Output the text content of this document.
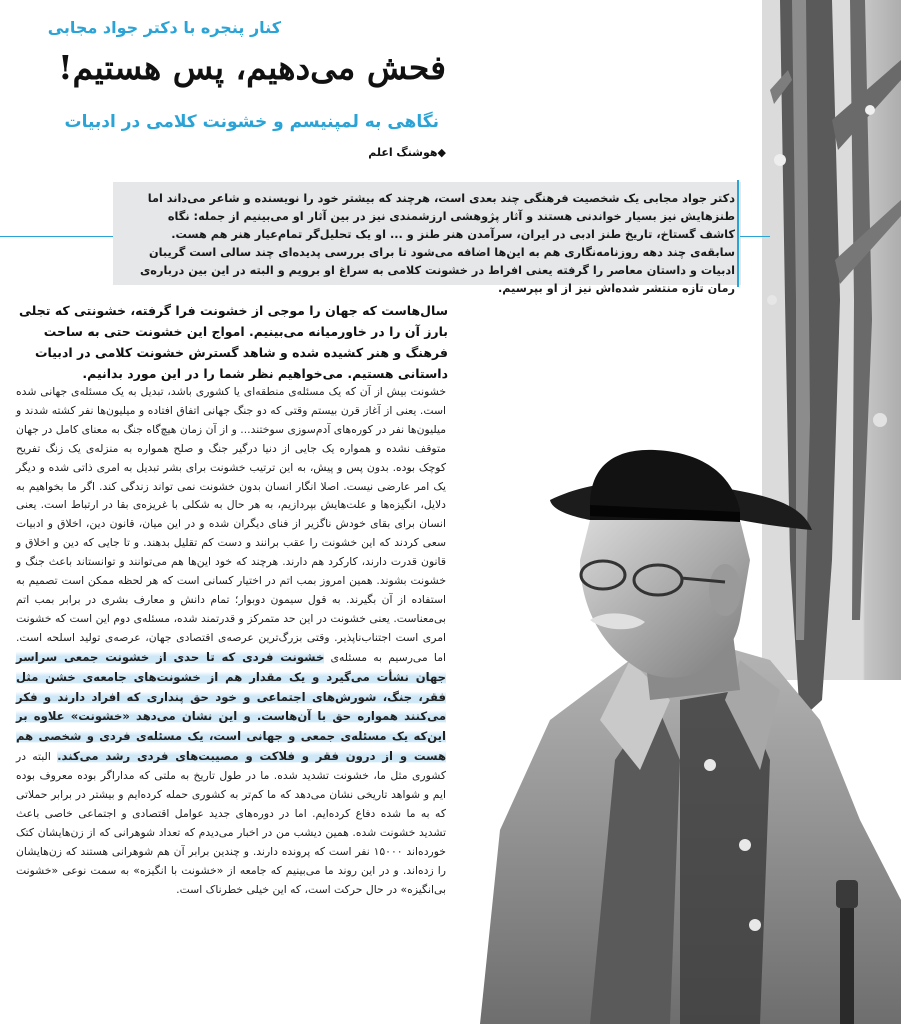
کنار پنجره با دکتر جواد مجابی
فحش می‌دهیم، پس هستیم!
نگاهی به لمپنیسم و خشونت کلامی در ادبیات
◆هوشنگ اعلم
دکتر جواد مجابی یک شخصیت فرهنگی چند بعدی است، هرچند که بیشتر خود را نویسنده و شاعر می‌داند اما طنزهایش نیز بسیار خواندنی هستند و آثار پژوهشی ارزشمندی نیز در بین آثار او می‌بینیم از جمله: نگاه کاشف گستاخ، تاریخ طنز ادبی در ایران، سرآمدن هنر طنز و ... او یک تحلیل‌گر تمام‌عیار هنر هم هست. سابقه‌ی چند دهه روزنامه‌نگاری هم به این‌ها اضافه می‌شود تا برای بررسی پدیده‌ای چند سالی است گریبان ادبیات و داستان معاصر را گرفته یعنی افراط در خشونت کلامی به سراغ او برویم و البته در این بین درباره‌ی رمان تازه منتشر شده‌اش نیز از او بپرسیم.
سال‌هاست که جهان را موجی از خشونت فرا گرفته، خشونتی که تجلی بارز آن را در خاورمیانه می‌بینیم. امواج این خشونت حتی به ساحت فرهنگ و هنر کشیده شده و شاهد گسترش خشونت کلامی در ادبیات داستانی هستیم. می‌خواهیم نظر شما را در این مورد بدانیم.
خشونت بیش از آن که یک مسئله‌ی منطقه‌ای یا کشوری باشد، تبدیل به یک مسئله‌ی جهانی شده است. یعنی از آغاز قرن بیستم وقتی که دو جنگ جهانی اتفاق افتاده و میلیون‌ها نفر کشته شدند و میلیون‌ها نفر در کوره‌های آدم‌سوزی سوختند... و از آن زمان هیچ‌گاه جنگ به معنای کامل در جهان متوقف نشده و همواره یک جایی از دنیا درگیر جنگ و صلح همواره به منزله‌ی یک زنگ تفریح کوچک بوده. بدون پس و پیش، به این ترتیب خشونت برای بشر تبدیل به امری ذاتی شده و دیگر یک امر عارضی نیست. اصلا انگار انسان بدون خشونت نمی تواند زندگی کند. اگر ما بخواهیم به دلایل، انگیزه‌ها و علت‌هایش بپردازیم، به هر حال به شکلی با غریزه‌ی بقا در ارتباط است. یعنی انسان برای بقای خودش ناگزیر از فنای دیگران شده و در این میان، قانون دین، اخلاق و ادبیات سعی کردند که این خشونت را عقب برانند و دست کم تقلیل بدهند. و تا جایی که دین و اخلاق و قانون قدرت دارند، کارکرد هم دارند. هرچند که خود این‌ها هم می‌توانند و توانستاند باعث جنگ و خشونت بشوند. همین امروز بمب اتم در اختیار کسانی است که هر لحظه ممکن است تصمیم به استفاده از آن بگیرند. به قول سیمون دوبوار؛ تمام دانش و معارف بشری در برابر بمب اتم بی‌معناست. یعنی خشونت در این حد متمرکز و قدرتمند شده، مسئله‌ی دوم این است که خشونت امری است اجتناب‌ناپذیر. وقتی بزرگ‌ترین عرصه‌ی اقتصادی جهان، عرصه‌ی تولید اسلحه است. اما می‌رسیم به مسئله‌ی خشونت فردی که تا حدی از خشونت جمعی سراسر جهان نشأت می‌گیرد و یک مقدار هم از خشونت‌های جامعه‌ی خشن مثل فقر، جنگ، شورش‌های اجتماعی و خود حق پنداری که افراد دارند و فکر می‌کنند همواره حق با آن‌هاست. و این نشان می‌دهد «خشونت» علاوه بر این‌که یک مسئله‌ی جمعی و جهانی است، یک مسئله‌ی فردی و شخصی هم هست و از درون فقر و فلاکت و مصیبت‌های فردی رشد می‌کند. البته در کشوری مثل ما، خشونت تشدید شده. ما در طول تاریخ به ملتی که مداراگر بوده معروف بوده ایم و شواهد تاریخی نشان می‌دهد که ما کم‌تر به کشوری حمله کرده‌ایم و بیشتر در برابر حملاتی که به ما شده دفاع کرده‌ایم. اما در دوره‌های جدید عوامل اقتصادی و اجتماعی خاصی باعث تشدید خشونت شده. همین دیشب من در اخبار می‌دیدم که تعداد شوهرانی که از زن‌هایشان کتک خورده‌اند ۱۵۰۰۰ نفر است که پرونده دارند. و چندین برابر آن هم شوهرانی هستند که زن‌هایشان را زده‌اند. و در این روند ما می‌بینیم که جامعه از «خشونت با انگیزه» به سمت نوعی «خشونت بی‌انگیزه» در حال حرکت است، که این خیلی خطرناک است.
